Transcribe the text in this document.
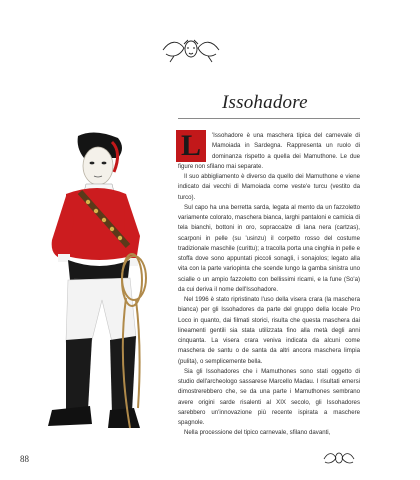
Issohadore
L	'Issohadore è una maschera tipica del carnevale di Mamoiada in Sardegna. Rappresenta un ruolo di dominanza rispetto a quella dei Mamuthone. Le due figure non sfilano mai separate.

Il suo abbigliamento è diverso da quello dei Mamuthone e viene indicato dai vecchi di Mamoiada come veste'e turcu (vestito da turco).

Sul capo ha una berretta sarda, legata al mento da un fazzoletto variamente colorato, maschera bianca, larghi pantaloni e camicia di tela bianchi, bottoni in oro, sopraccalze di lana nera (cartzas), scarponi in pelle (su 'usinzu) il corpetto rosso del costume tradizionale maschile (curittu); a tracolla porta una cinghia in pelle e stoffa dove sono appuntati piccoli sonagli, i sonajolos; legato alla vita con la parte variopinta che scende lungo la gamba sinistra uno scialle o un ampio fazzoletto con bellissimi ricami, e la fune (So'a) da cui deriva il nome dell'Issohadore.

Nel 1996 è stato ripristinato l'uso della visera crara (la maschera bianca) per gli Issohadores da parte del gruppo della locale Pro Loco in quanto, dai filmati storici, risulta che questa maschera dai lineamenti gentili sia stata utilizzata fino alla metà degli anni cinquanta. La visera crara veniva indicata da alcuni come maschera de santu o de santa da altri ancora maschera limpia (pulita), o semplicemente bella.

Sia gli Issohadores che i Mamuthones sono stati oggetto di studio dell'archeologo sassarese Marcello Madau. I risultati emersi dimostrerebbero che, se da una parte i Mamuthones sembrano avere origini sarde risalenti al XIX secolo, gli Issohadores sarebbero un'innovazione più recente ispirata a maschere spagnole.

Nella processione del tipico carnevale, sfilano davanti,

88
